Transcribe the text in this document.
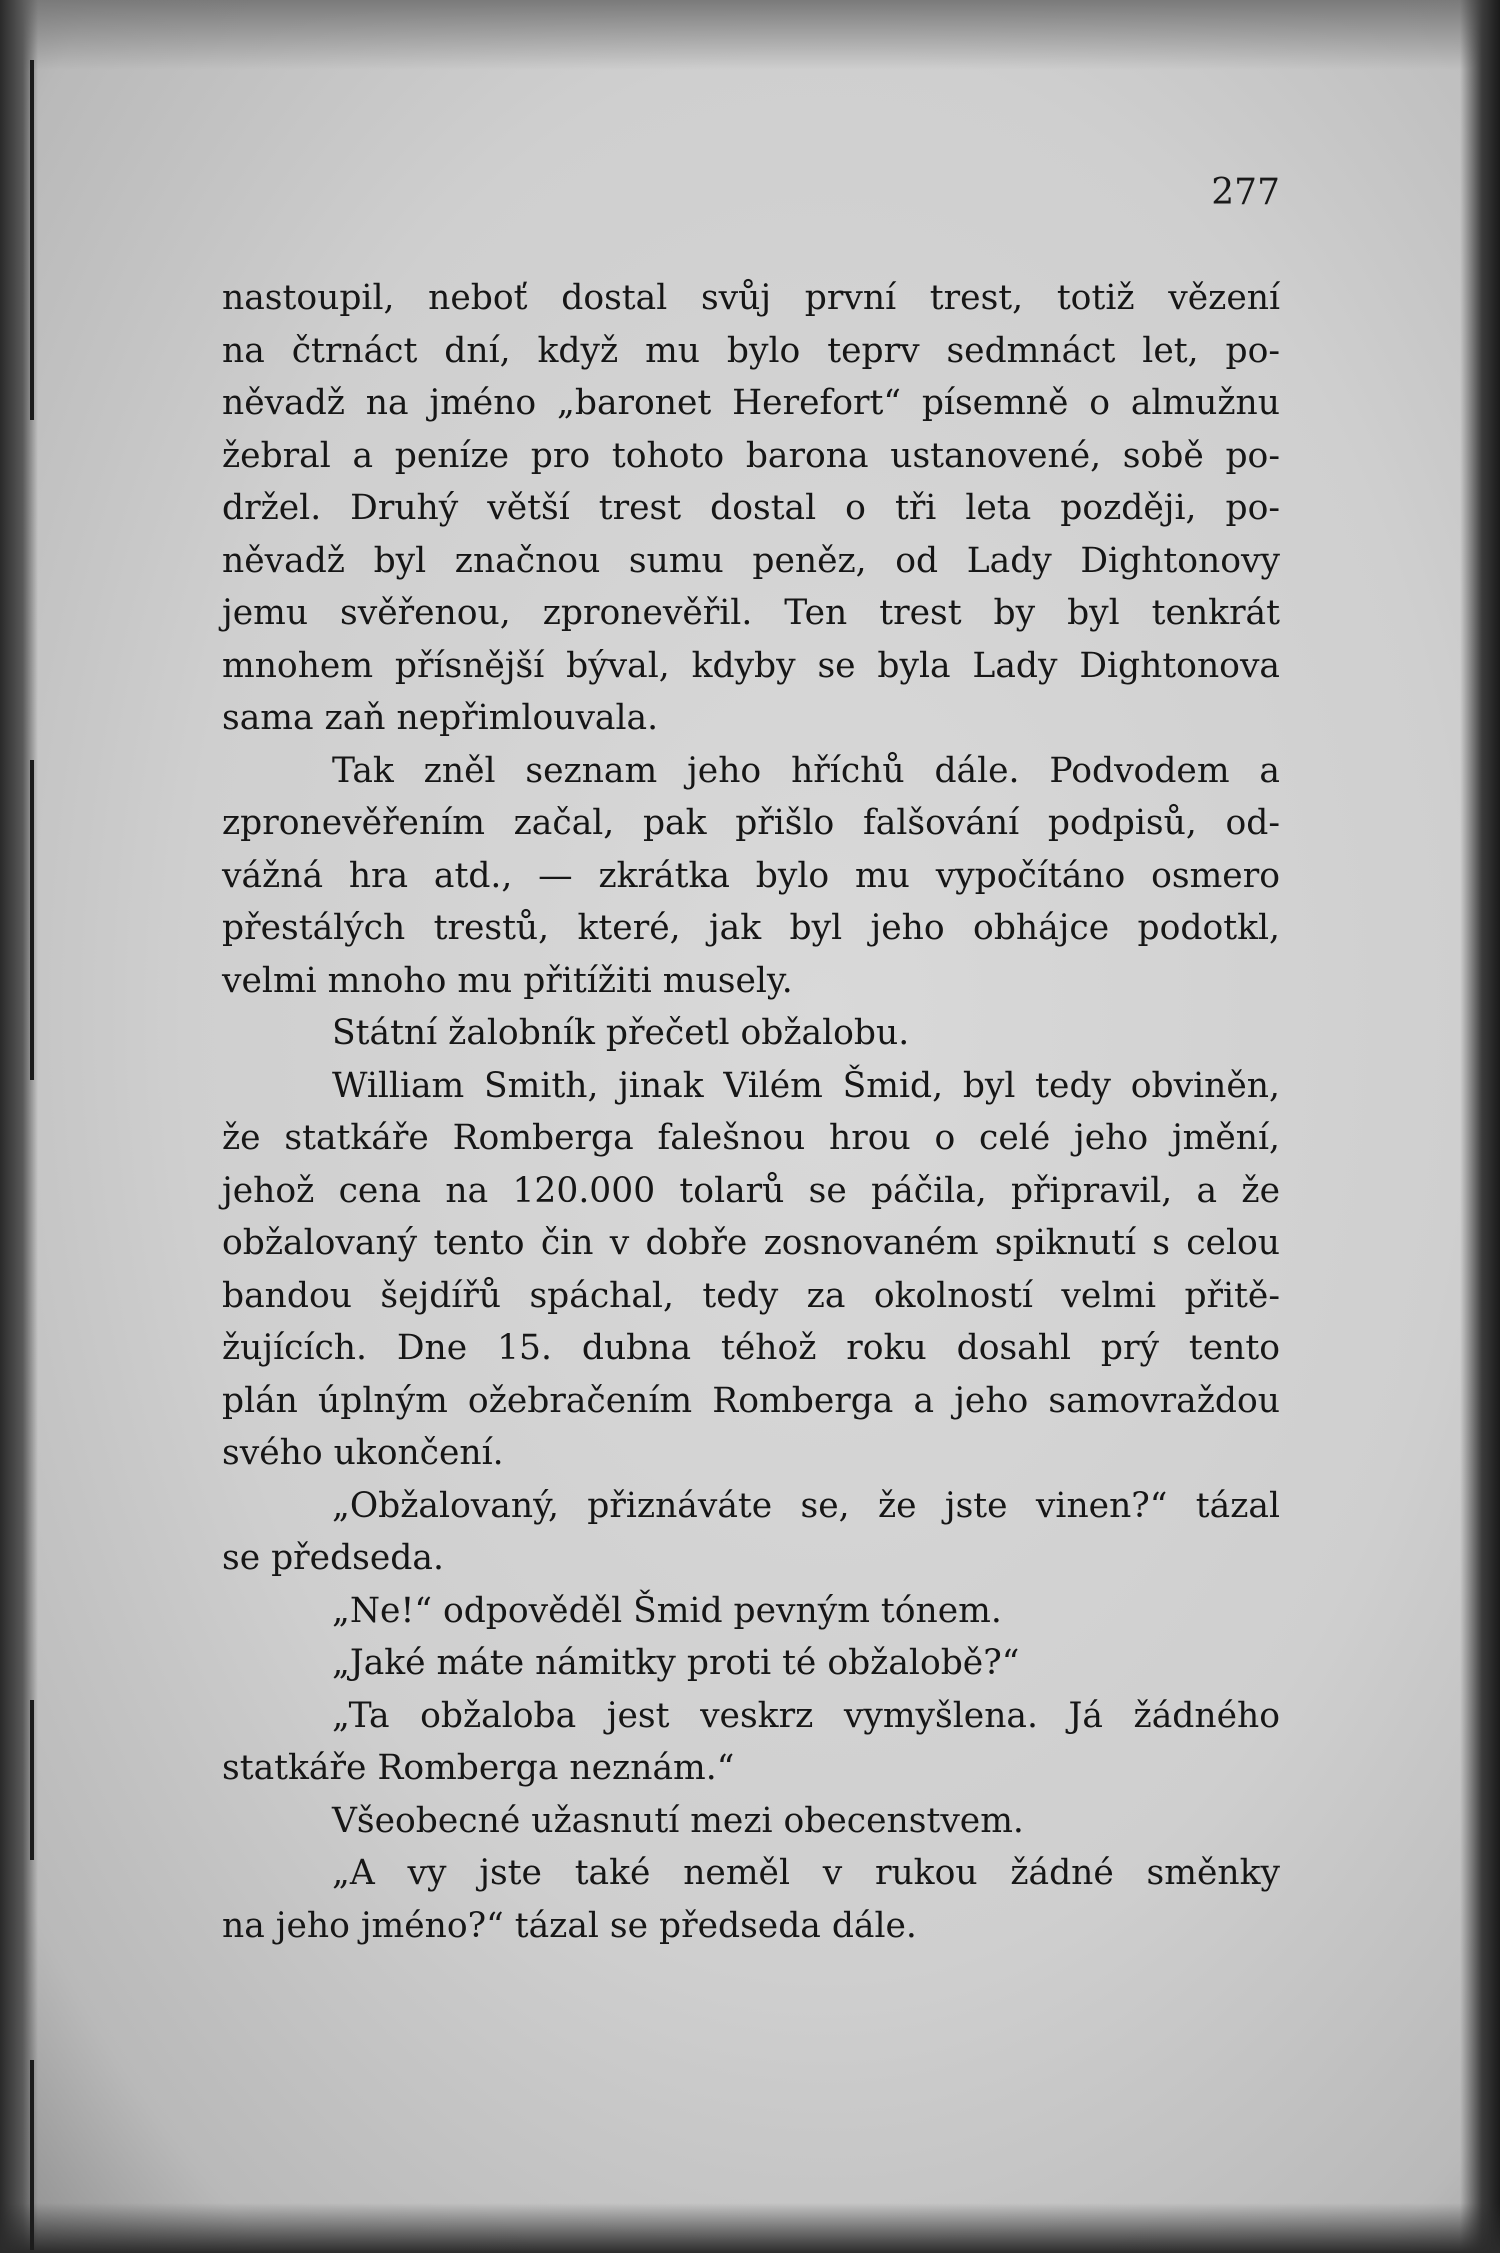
277
nastoupil, neboť dostal svůj první trest, totiž vězení
na čtrnáct dní, když mu bylo teprv sedmnáct let, po-
něvadž na jméno „baronet Herefort“ písemně o almužnu
žebral a peníze pro tohoto barona ustanovené, sobě po-
držel. Druhý větší trest dostal o tři leta později, po-
něvadž byl značnou sumu peněz, od Lady Dightonovy
jemu svěřenou, zpronevěřil. Ten trest by byl tenkrát
mnohem přísnější býval, kdyby se byla Lady Dightonova
sama zaň nepřimlouvala.
Tak zněl seznam jeho hříchů dále. Podvodem a
zpronevěřením začal, pak přišlo falšování podpisů, od-
vážná hra atd., — zkrátka bylo mu vypočítáno osmero
přestálých trestů, které, jak byl jeho obhájce podotkl,
velmi mnoho mu přitížiti musely.
Státní žalobník přečetl obžalobu.
William Smith, jinak Vilém Šmid, byl tedy obviněn,
že statkáře Romberga falešnou hrou o celé jeho jmění,
jehož cena na 120.000 tolarů se páčila, připravil, a že
obžalovaný tento čin v dobře zosnovaném spiknutí s celou
bandou šejdířů spáchal, tedy za okolností velmi přitě-
žujících. Dne 15. dubna téhož roku dosahl prý tento
plán úplným ožebračením Romberga a jeho samovraždou
svého ukončení.
„Obžalovaný, přiznáváte se, že jste vinen?“ tázal
se předseda.
„Ne!“ odpověděl Šmid pevným tónem.
„Jaké máte námitky proti té obžalobě?“
„Ta obžaloba jest veskrz vymyšlena. Já žádného
statkáře Romberga neznám.“
Všeobecné užasnutí mezi obecenstvem.
„A vy jste také neměl v rukou žádné směnky
na jeho jméno?“ tázal se předseda dále.
